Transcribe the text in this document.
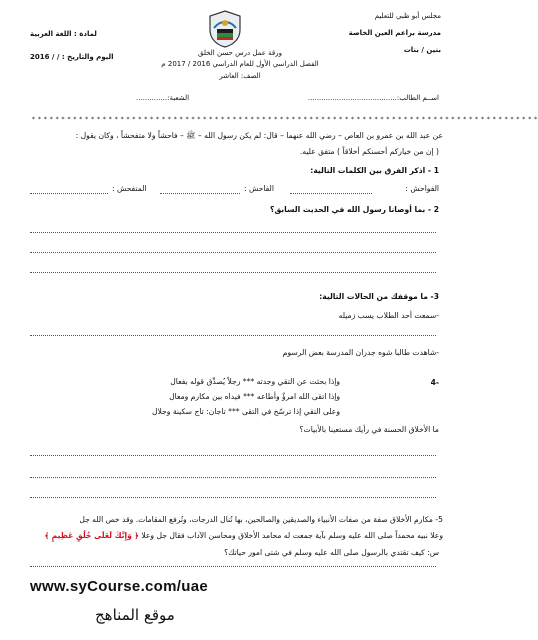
مجلس أبو ظبي للتعليم
مدرسة براعم العين الخاصة
بنين / بنات
لمادة : اللغة العربية
اليوم والتاريخ : / / 2016	ورقة عمل درس حسن الخلق
الفصل الدراسي الأول للعام الدراسي 2016 / 2017 م
الصف: العاشر
اســم الطالب:........................................
الشعبة:..............
* * * * * * * * * * * * * * * * * * * * * * * * * * * * * * * * * * * * * * * * * * * * * * * * * * * * * * * * * * * * * * * * * * * * * * * * * * * * * * * * * * * * * *
عن عبد الله بن عمرو بن العاص – رضي الله عنهما – قال: لم يكن رسول الله – ﷺ – فاحشاً ولا متفحشاً ، وكان يقول :
( إن من خياركم أحسنكم أخلاقاً ) متفق عليه.
1 - اذكر الفرق بين الكلمات التالية:
الفواحش :
الفاحش :
المتفحش :
2 - بما أوصانا رسول الله في الحديث السابق؟
3- ما موقفك من الحالات التالية:
-سمعت أحد الطلاب يسب زميله
-شاهدت طالبا شوه جدران المدرسة بعض الرسوم
4-
وإذا بحثت عن التقي وجدته *** رجلاً يُصدِّق قوله بفعال
وإذا اتقى الله امرؤٌ وأطاعه *** فيداه بين مكارم ومعال
وعلى التقي إذا ترسّخ في التقى *** تاجان: تاج سكينة وجلال
ما الأخلاق الحسنة في رأيك مستعينا بالأبيات؟
5- مكارم الأخلاق صفة من صفات الأنبياء والصديقين والصالحين، بها تُنال الدرجات، وتُرفع المقامات. وقد خص الله جل
وعلا نبيه محمداً صلى الله عليه وسلم بآية جمعت له محامد الأخلاق ومحاسن الآداب فقال جل وعلا ﴿ وَإِنَّكَ لَعَلَى خُلُقٍ عَظِيمٍ ﴾
س: كيف تقتدي بالرسول صلى الله عليه وسلم في شتى امور حياتك؟
www.syCourse.com/uae
موقع المناهج
